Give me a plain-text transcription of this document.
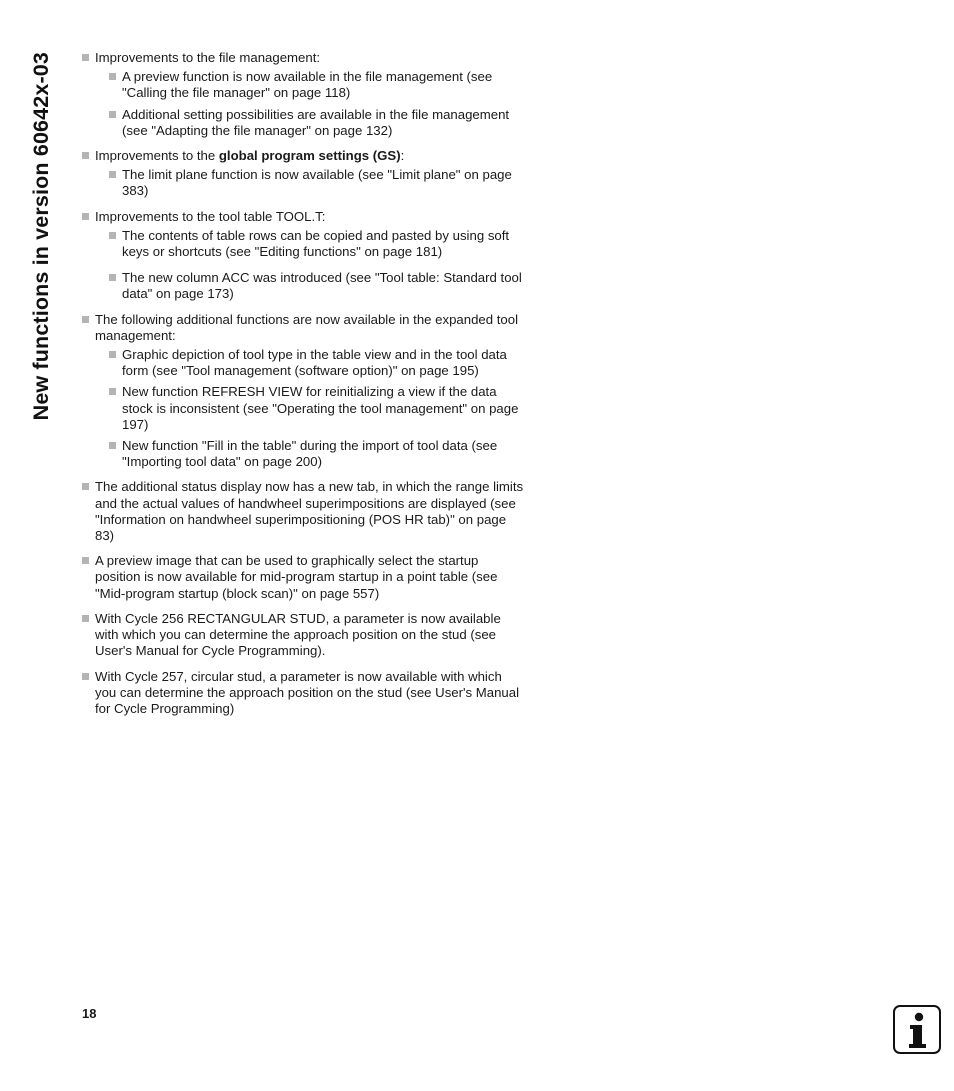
New functions in version 60642x-03	Improvements to the file management:
A preview function is now available in the file management (see "Calling the file manager" on page 118)
Additional setting possibilities are available in the file management (see "Adapting the file manager" on page 132)
Improvements to the global program settings (GS):
The limit plane function is now available (see "Limit plane" on page 383)
Improvements to the tool table TOOL.T:
The contents of table rows can be copied and pasted by using soft keys or shortcuts (see "Editing functions" on page 181)
The new column ACC was introduced (see "Tool table: Standard tool data" on page 173)
The following additional functions are now available in the expanded tool management:
Graphic depiction of tool type in the table view and in the tool data form (see "Tool management (software option)" on page 195)
New function REFRESH VIEW for reinitializing a view if the data stock is inconsistent (see "Operating the tool management" on page 197)
New function "Fill in the table" during the import of tool data (see "Importing tool data" on page 200)
The additional status display now has a new tab, in which the range limits and the actual values of handwheel superimpositions are displayed (see "Information on handwheel superimpositioning (POS HR tab)" on page 83)
A preview image that can be used to graphically select the startup position is now available for mid-program startup in a point table (see "Mid-program startup (block scan)" on page 557)
With Cycle 256 RECTANGULAR STUD, a parameter is now available with which you can determine the approach position on the stud (see User's Manual for Cycle Programming).
With Cycle 257, circular stud, a parameter is now available with which you can determine the approach position on the stud (see User's Manual for Cycle Programming)
18
